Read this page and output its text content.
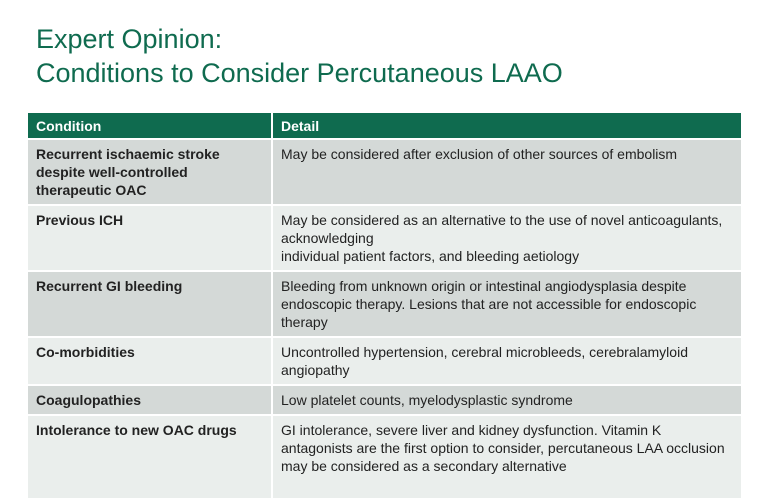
Expert Opinion:
Conditions to Consider Percutaneous LAAO
Condition	Detail
Recurrent ischaemic stroke despite well-controlled therapeutic OAC	May be considered after exclusion of other sources of embolism
Previous ICH	May be considered as an alternative to the use of novel anticoagulants, acknowledging
individual patient factors, and bleeding aetiology

Recurrent GI bleeding	Bleeding from unknown origin or intestinal angiodysplasia despite endoscopic therapy. Lesions that are not accessible for endoscopic therapy
Co-morbidities	Uncontrolled hypertension, cerebral microbleeds, cerebralamyloid angiopathy
Coagulopathies	Low platelet counts, myelodysplastic syndrome
Intolerance to new OAC drugs	GI intolerance, severe liver and kidney dysfunction. Vitamin K antagonists are the first option to consider, percutaneous LAA occlusion may be considered as a secondary alternative
